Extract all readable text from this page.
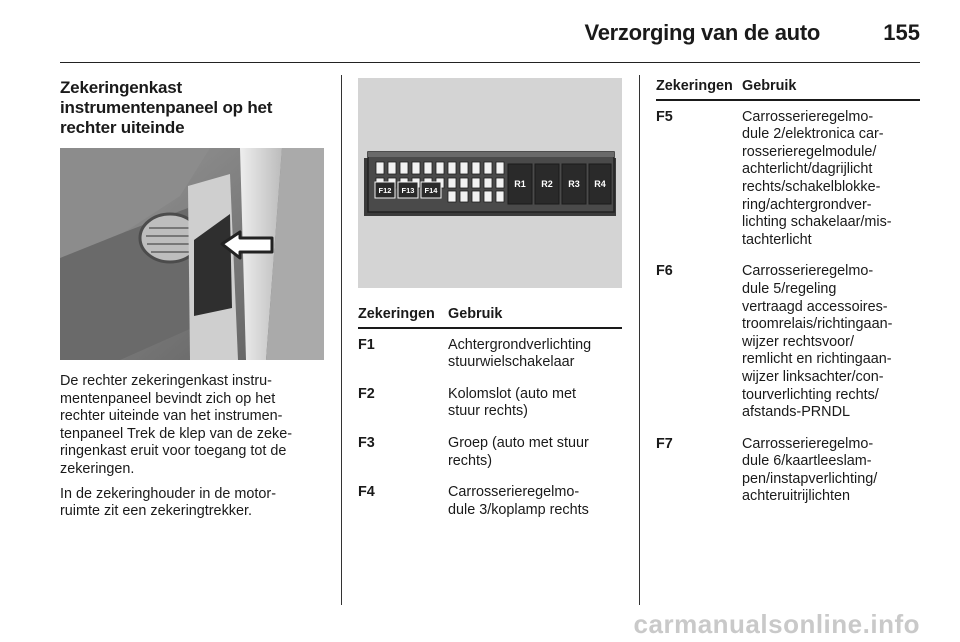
Verzorging van de auto	155
Zekeringenkast
instrumentenpaneel op het
rechter uiteinde

De rechter zekeringenkast instru-
mentenpaneel bevindt zich op het
rechter uiteinde van het instrumen-
tenpaneel Trek de klep van de zeke-
ringenkast eruit voor toegang tot de
zekeringen.

In de zekeringhouder in de motor-
ruimte zit een zekeringtrekker.

F12 F13 F14
R1 R2 R3 R4
Zekeringen Gebruik
F1	Achtergrondverlichting
stuurwielschakelaar
F2	Kolomslot (auto met
stuur rechts)
F3	Groep (auto met stuur
rechts)
F4	Carrosserieregelmo-
dule 3/koplamp rechts
Zekeringen Gebruik
F5	Carrosserieregelmo-
dule 2/elektronica car-
rosserieregelmodule/
achterlicht/dagrijlicht
rechts/schakelblokke-
ring/achtergrondver-
lichting schakelaar/mis-
tachterlicht
F6	Carrosserieregelmo-
dule 5/regeling
vertraagd accessoires-
troomrelais/richtingaan-
wijzer rechtsvoor/
remlicht en richtingaan-
wijzer linksachter/con-
tourverlichting rechts/
afstands-PRNDL
F7	Carrosserieregelmo-
dule 6/kaartleeslam-
pen/instapverlichting/
achteruitrijlichten
carmanualsonline.info
